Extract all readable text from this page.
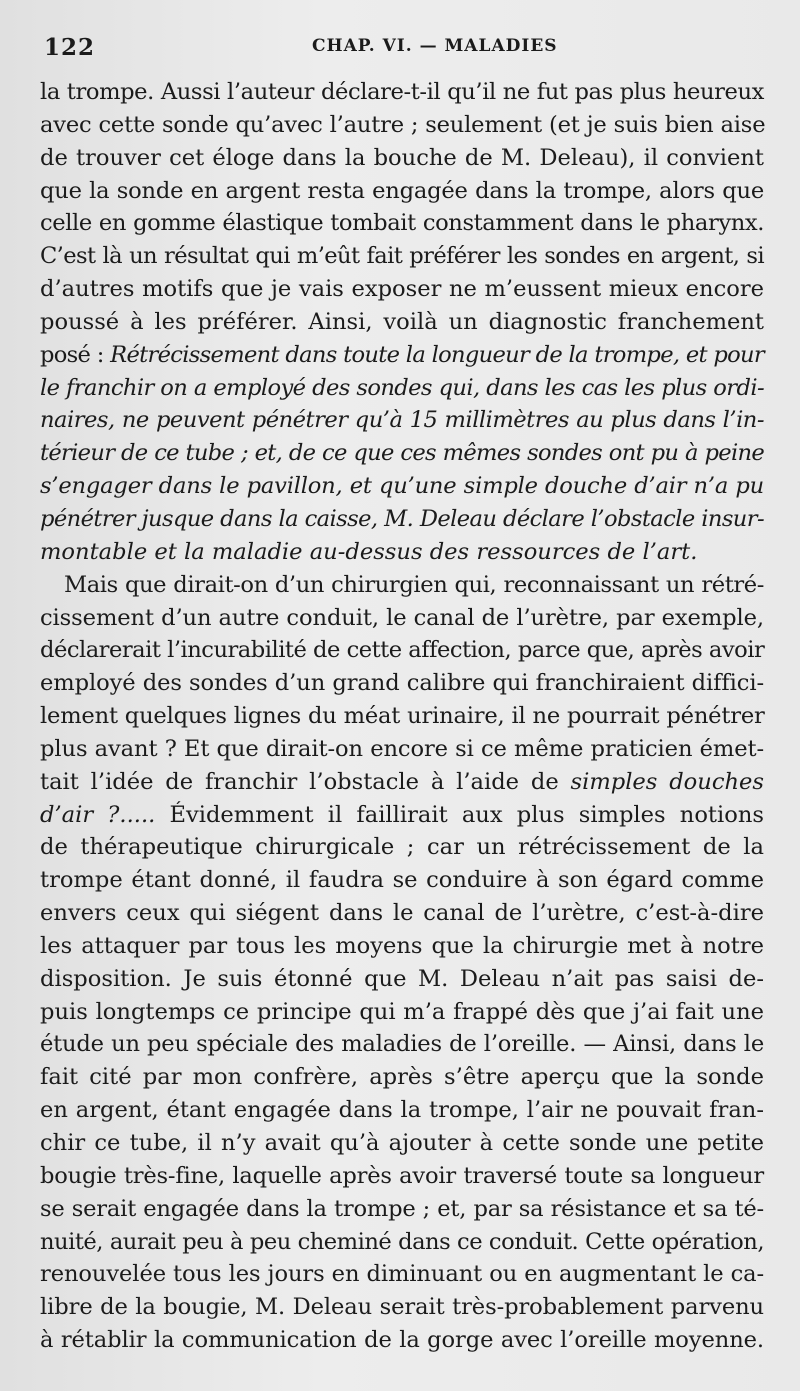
122	CHAP. VI. — MALADIES
la trompe. Aussi l’auteur déclare-t-il qu’il ne fut pas plus heureux
avec cette sonde qu’avec l’autre ; seulement (et je suis bien aise
de trouver cet éloge dans la bouche de M. Deleau), il convient
que la sonde en argent resta engagée dans la trompe, alors que
celle en gomme élastique tombait constamment dans le pharynx.
C’est là un résultat qui m’eût fait préférer les sondes en argent, si
d’autres motifs que je vais exposer ne m’eussent mieux encore
poussé à les préférer. Ainsi, voilà un diagnostic franchement
posé : Rétrécissement dans toute la longueur de la trompe, et pour
le franchir on a employé des sondes qui, dans les cas les plus ordi-
naires, ne peuvent pénétrer qu’à 15 millimètres au plus dans l’in-
térieur de ce tube ; et, de ce que ces mêmes sondes ont pu à peine
s’engager dans le pavillon, et qu’une simple douche d’air n’a pu
pénétrer jusque dans la caisse, M. Deleau déclare l’obstacle insur-
montable et la maladie au-dessus des ressources de l’art.
Mais que dirait-on d’un chirurgien qui, reconnaissant un rétré-
cissement d’un autre conduit, le canal de l’urètre, par exemple,
déclarerait l’incurabilité de cette affection, parce que, après avoir
employé des sondes d’un grand calibre qui franchiraient diffici-
lement quelques lignes du méat urinaire, il ne pourrait pénétrer
plus avant ? Et que dirait-on encore si ce même praticien émet-
tait l’idée de franchir l’obstacle à l’aide de simples douches
d’air ?..... Évidemment il faillirait aux plus simples notions
de thérapeutique chirurgicale ; car un rétrécissement de la
trompe étant donné, il faudra se conduire à son égard comme
envers ceux qui siégent dans le canal de l’urètre, c’est-à-dire
les attaquer par tous les moyens que la chirurgie met à notre
disposition. Je suis étonné que M. Deleau n’ait pas saisi de-
puis longtemps ce principe qui m’a frappé dès que j’ai fait une
étude un peu spéciale des maladies de l’oreille. — Ainsi, dans le
fait cité par mon confrère, après s’être aperçu que la sonde
en argent, étant engagée dans la trompe, l’air ne pouvait fran-
chir ce tube, il n’y avait qu’à ajouter à cette sonde une petite
bougie très-fine, laquelle après avoir traversé toute sa longueur
se serait engagée dans la trompe ; et, par sa résistance et sa té-
nuité, aurait peu à peu cheminé dans ce conduit. Cette opération,
renouvelée tous les jours en diminuant ou en augmentant le ca-
libre de la bougie, M. Deleau serait très-probablement parvenu
à rétablir la communication de la gorge avec l’oreille moyenne.
